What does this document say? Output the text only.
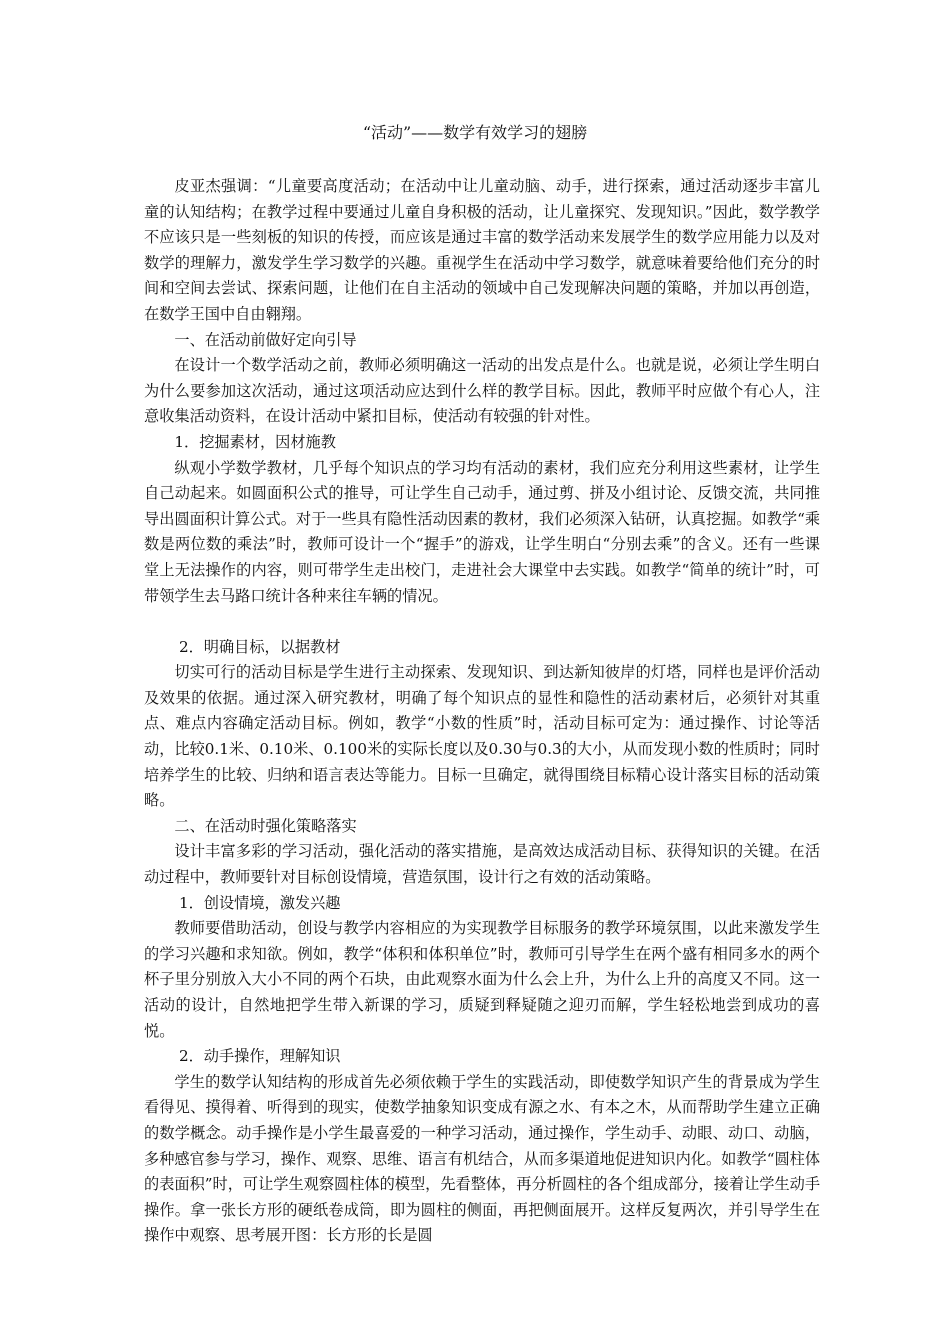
“活动”——数学有效学习的翅膀

皮亚杰强调：“儿童要高度活动；在活动中让儿童动脑、动手，进行探索，通过活动逐步丰富儿童的认知结构；在教学过程中要通过儿童自身积极的活动，让儿童探究、发现知识。”因此，数学教学不应该只是一些刻板的知识的传授，而应该是通过丰富的数学活动来发展学生的数学应用能力以及对数学的理解力，激发学生学习数学的兴趣。重视学生在活动中学习数学，就意味着要给他们充分的时间和空间去尝试、探索问题，让他们在自主活动的领域中自己发现解决问题的策略，并加以再创造，在数学王国中自由翱翔。

一、在活动前做好定向引导

在设计一个数学活动之前，教师必须明确这一活动的出发点是什么。也就是说，必须让学生明白为什么要参加这次活动，通过这项活动应达到什么样的教学目标。因此，教师平时应做个有心人，注意收集活动资料，在设计活动中紧扣目标，使活动有较强的针对性。

1．挖掘素材，因材施教

纵观小学数学教材，几乎每个知识点的学习均有活动的素材，我们应充分利用这些素材，让学生自己动起来。如圆面积公式的推导，可让学生自己动手，通过剪、拼及小组讨论、反馈交流，共同推导出圆面积计算公式。对于一些具有隐性活动因素的教材，我们必须深入钻研，认真挖掘。如教学“乘数是两位数的乘法”时，教师可设计一个“握手”的游戏，让学生明白“分别去乘”的含义。还有一些课堂上无法操作的内容，则可带学生走出校门，走进社会大课堂中去实践。如教学“简单的统计”时，可带领学生去马路口统计各种来往车辆的情况。

2．明确目标，以据教材

切实可行的活动目标是学生进行主动探索、发现知识、到达新知彼岸的灯塔，同样也是评价活动及效果的依据。通过深入研究教材，明确了每个知识点的显性和隐性的活动素材后，必须针对其重点、难点内容确定活动目标。例如，教学“小数的性质”时，活动目标可定为：通过操作、讨论等活动，比较0.1米、0.10米、0.100米的实际长度以及0.30与0.3的大小，从而发现小数的性质时；同时培养学生的比较、归纳和语言表达等能力。目标一旦确定，就得围绕目标精心设计落实目标的活动策略。

二、在活动时强化策略落实

设计丰富多彩的学习活动，强化活动的落实措施，是高效达成活动目标、获得知识的关键。在活动过程中，教师要针对目标创设情境，营造氛围，设计行之有效的活动策略。

1．创设情境，激发兴趣

教师要借助活动，创设与教学内容相应的为实现教学目标服务的教学环境氛围，以此来激发学生的学习兴趣和求知欲。例如，教学“体积和体积单位”时，教师可引导学生在两个盛有相同多水的两个杯子里分别放入大小不同的两个石块，由此观察水面为什么会上升，为什么上升的高度又不同。这一活动的设计，自然地把学生带入新课的学习，质疑到释疑随之迎刃而解，学生轻松地尝到成功的喜悦。

2．动手操作，理解知识

学生的数学认知结构的形成首先必须依赖于学生的实践活动，即使数学知识产生的背景成为学生看得见、摸得着、听得到的现实，使数学抽象知识变成有源之水、有本之木，从而帮助学生建立正确的数学概念。动手操作是小学生最喜爱的一种学习活动，通过操作，学生动手、动眼、动口、动脑，多种感官参与学习，操作、观察、思维、语言有机结合，从而多渠道地促进知识内化。如教学“圆柱体的表面积”时，可让学生观察圆柱体的模型，先看整体，再分析圆柱的各个组成部分，接着让学生动手操作。拿一张长方形的硬纸卷成筒，即为圆柱的侧面，再把侧面展开。这样反复两次，并引导学生在操作中观察、思考展开图：长方形的长是圆
